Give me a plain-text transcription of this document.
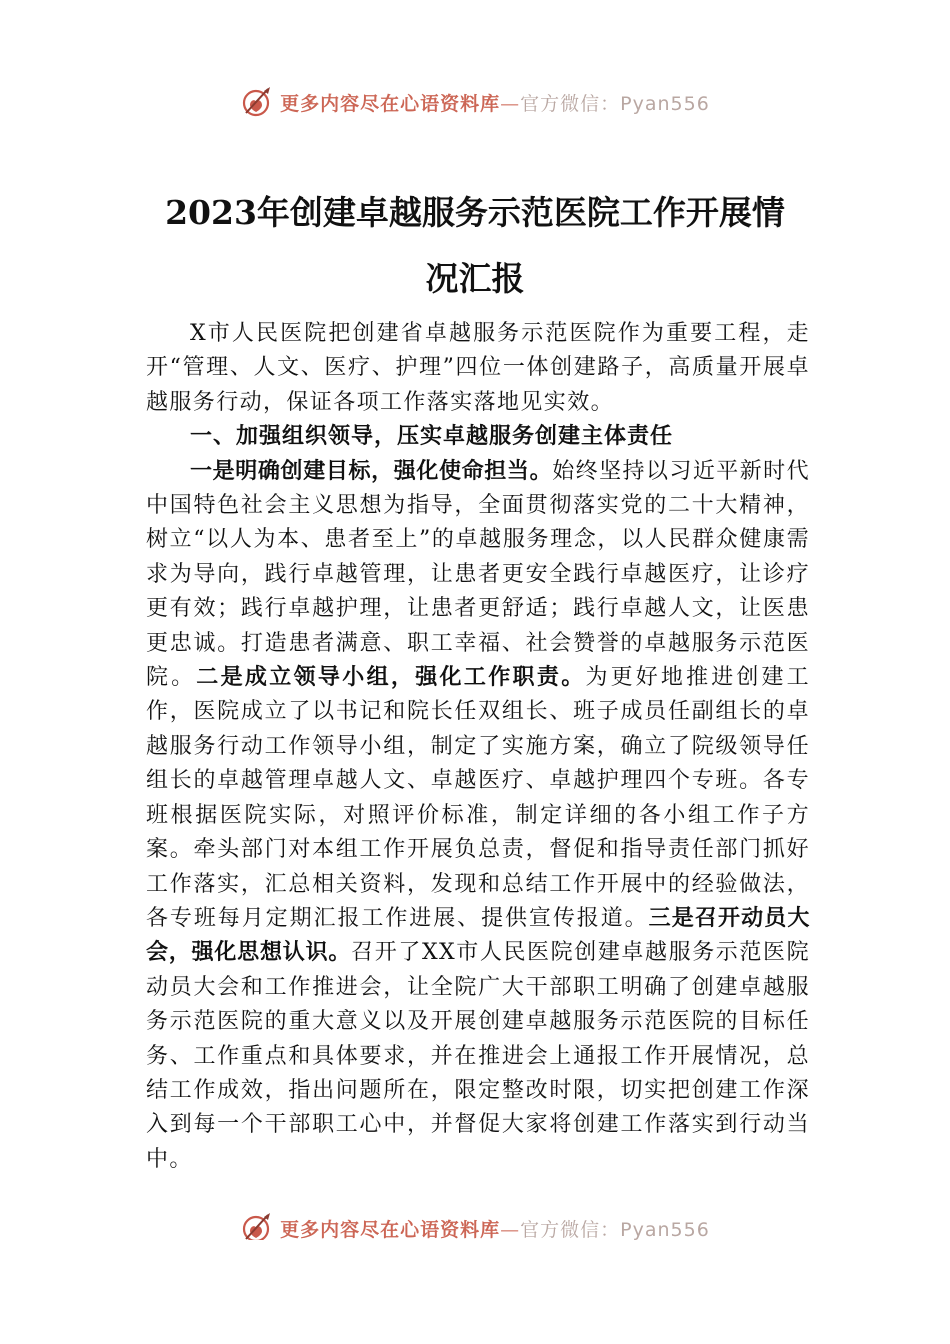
更多内容尽在心语资料库—官方微信：Pyan556
2023年创建卓越服务示范医院工作开展情
况汇报

X市人民医院把创建省卓越服务示范医院作为重要工程，走开“管理、人文、医疗、护理”四位一体创建路子，高质量开展卓越服务行动，保证各项工作落实落地见实效。

一、加强组织领导，压实卓越服务创建主体责任

一是明确创建目标，强化使命担当。始终坚持以习近平新时代中国特色社会主义思想为指导，全面贯彻落实党的二十大精神，树立“以人为本、患者至上”的卓越服务理念，以人民群众健康需求为导向，践行卓越管理，让患者更安全践行卓越医疗，让诊疗更有效；践行卓越护理，让患者更舒适；践行卓越人文，让医患更忠诚。打造患者满意、职工幸福、社会赞誉的卓越服务示范医院。二是成立领导小组，强化工作职责。为更好地推进创建工作，医院成立了以书记和院长任双组长、班子成员任副组长的卓越服务行动工作领导小组，制定了实施方案，确立了院级领导任组长的卓越管理卓越人文、卓越医疗、卓越护理四个专班。各专班根据医院实际，对照评价标准，制定详细的各小组工作子方案。牵头部门对本组工作开展负总责，督促和指导责任部门抓好工作落实，汇总相关资料，发现和总结工作开展中的经验做法，各专班每月定期汇报工作进展、提供宣传报道。三是召开动员大会，强化思想认识。召开了XX市人民医院创建卓越服务示范医院动员大会和工作推进会，让全院广大干部职工明确了创建卓越服务示范医院的重大意义以及开展创建卓越服务示范医院的目标任务、工作重点和具体要求，并在推进会上通报工作开展情况，总结工作成效，指出问题所在，限定整改时限，切实把创建工作深入到每一个干部职工心中，并督促大家将创建工作落实到行动当中。

更多内容尽在心语资料库—官方微信：Pyan556
